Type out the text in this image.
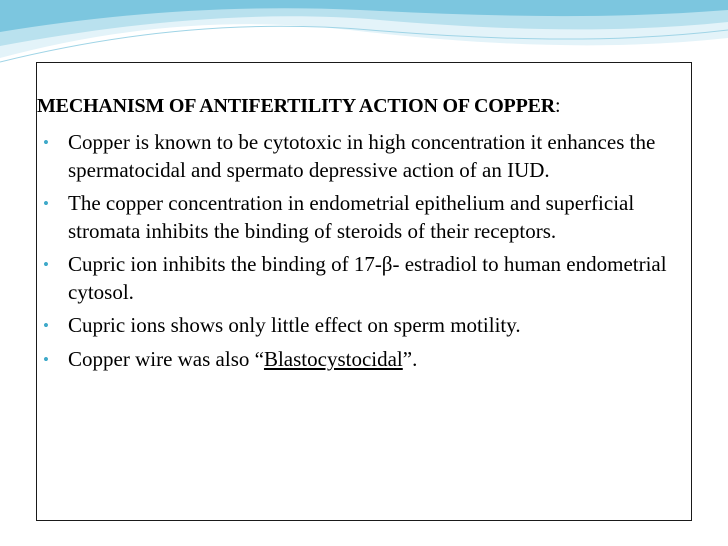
MECHANISM OF ANTIFERTILITY ACTION OF COPPER:
• Copper is known to be cytotoxic in high concentration it enhances the spermatocidal and spermato depressive action of an IUD.
• The copper concentration in endometrial epithelium and superficial stromata inhibits the binding of steroids of their receptors.
• Cupric ion inhibits the binding of 17-β- estradiol to human endometrial cytosol.
• Cupric ions shows only little effect on sperm motility.
• Copper wire was also “Blastocystocidal”.
